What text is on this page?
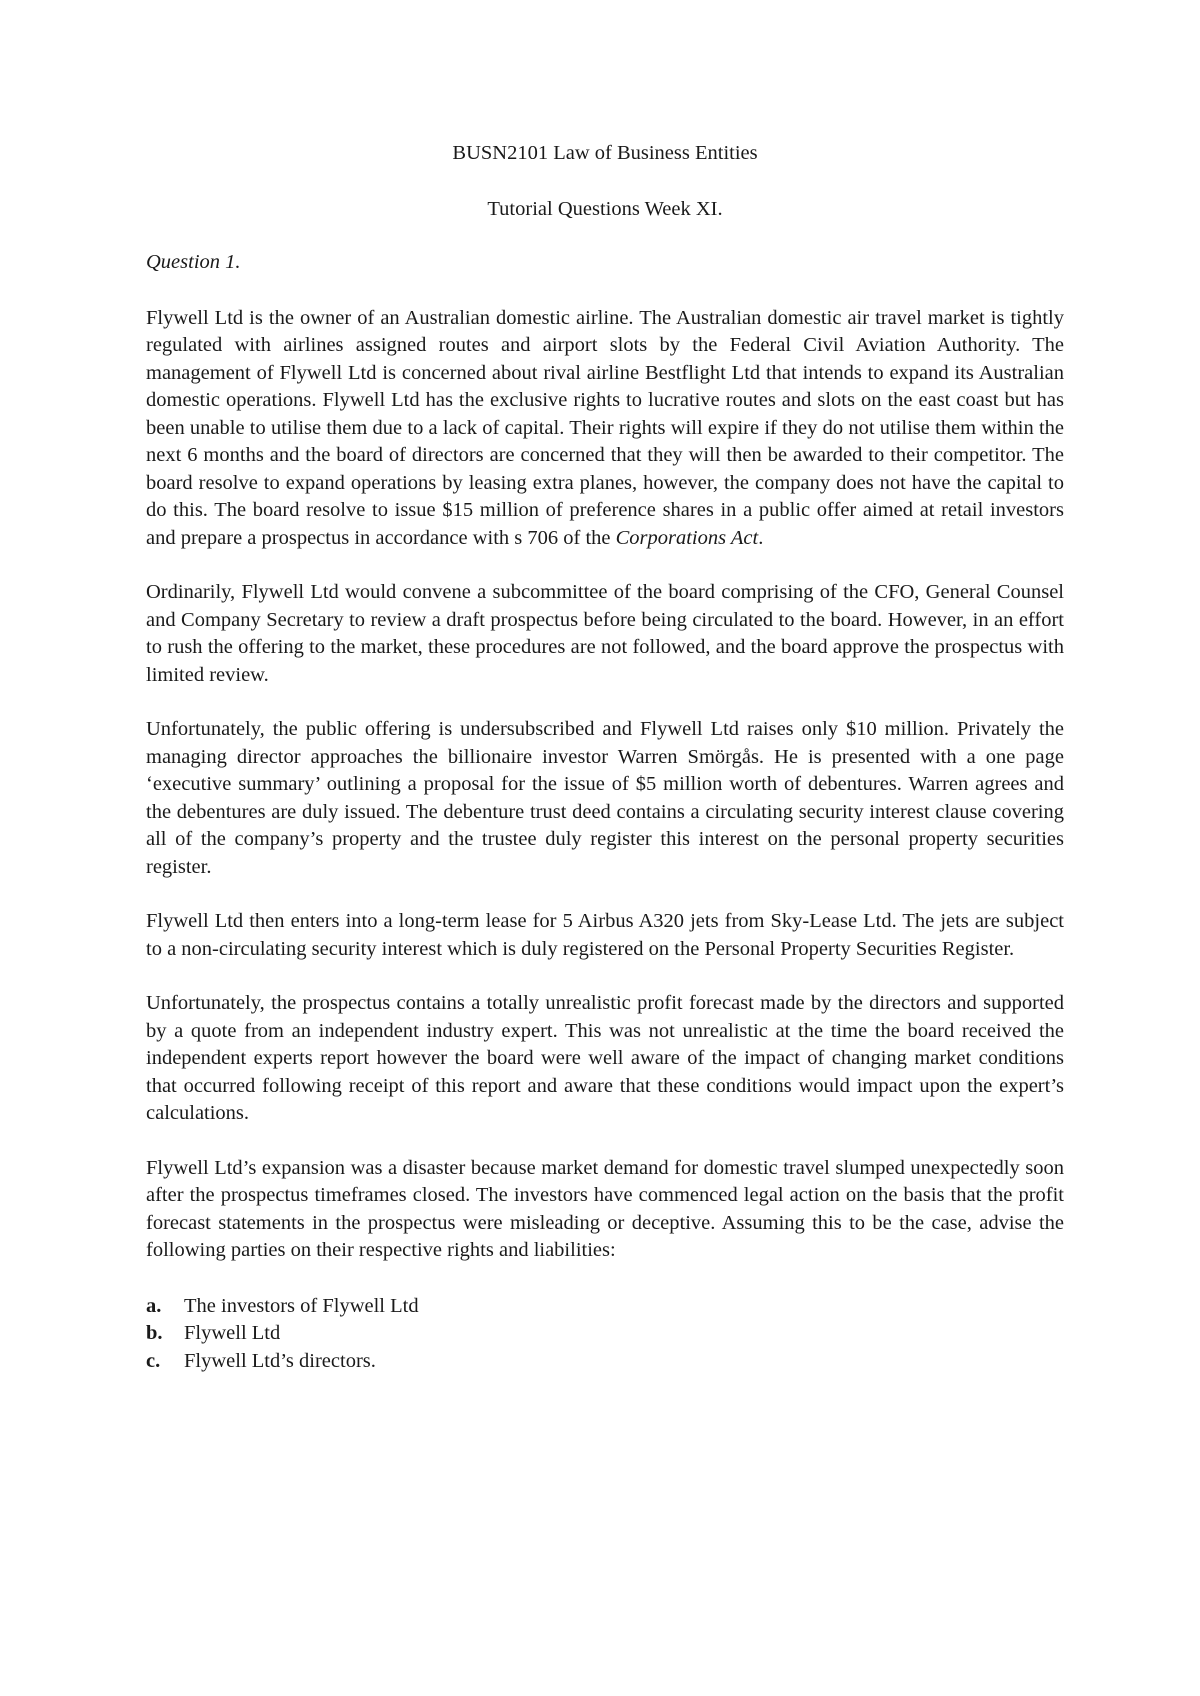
BUSN2101 Law of Business Entities

Tutorial Questions Week XI.

Question 1.

Flywell Ltd is the owner of an Australian domestic airline. The Australian domestic air travel market is tightly regulated with airlines assigned routes and airport slots by the Federal Civil Aviation Authority. The management of Flywell Ltd is concerned about rival airline Bestflight Ltd that intends to expand its Australian domestic operations. Flywell Ltd has the exclusive rights to lucrative routes and slots on the east coast but has been unable to utilise them due to a lack of capital. Their rights will expire if they do not utilise them within the next 6 months and the board of directors are concerned that they will then be awarded to their competitor. The board resolve to expand operations by leasing extra planes, however, the company does not have the capital to do this. The board resolve to issue $15 million of preference shares in a public offer aimed at retail investors and prepare a prospectus in accordance with s 706 of the Corporations Act.

Ordinarily, Flywell Ltd would convene a subcommittee of the board comprising of the CFO, General Counsel and Company Secretary to review a draft prospectus before being circulated to the board. However, in an effort to rush the offering to the market, these procedures are not followed, and the board approve the prospectus with limited review.

Unfortunately, the public offering is undersubscribed and Flywell Ltd raises only $10 million. Privately the managing director approaches the billionaire investor Warren Smörgås. He is presented with a one page ‘executive summary’ outlining a proposal for the issue of $5 million worth of debentures. Warren agrees and the debentures are duly issued. The debenture trust deed contains a circulating security interest clause covering all of the company’s property and the trustee duly register this interest on the personal property securities register.

Flywell Ltd then enters into a long-term lease for 5 Airbus A320 jets from Sky-Lease Ltd. The jets are subject to a non-circulating security interest which is duly registered on the Personal Property Securities Register.

Unfortunately, the prospectus contains a totally unrealistic profit forecast made by the directors and supported by a quote from an independent industry expert. This was not unrealistic at the time the board received the independent experts report however the board were well aware of the impact of changing market conditions that occurred following receipt of this report and aware that these conditions would impact upon the expert’s calculations.

Flywell Ltd’s expansion was a disaster because market demand for domestic travel slumped unexpectedly soon after the prospectus timeframes closed. The investors have commenced legal action on the basis that the profit forecast statements in the prospectus were misleading or deceptive. Assuming this to be the case, advise the following parties on their respective rights and liabilities:

a.	The investors of Flywell Ltd
b.	Flywell Ltd
c.	Flywell Ltd’s directors.
